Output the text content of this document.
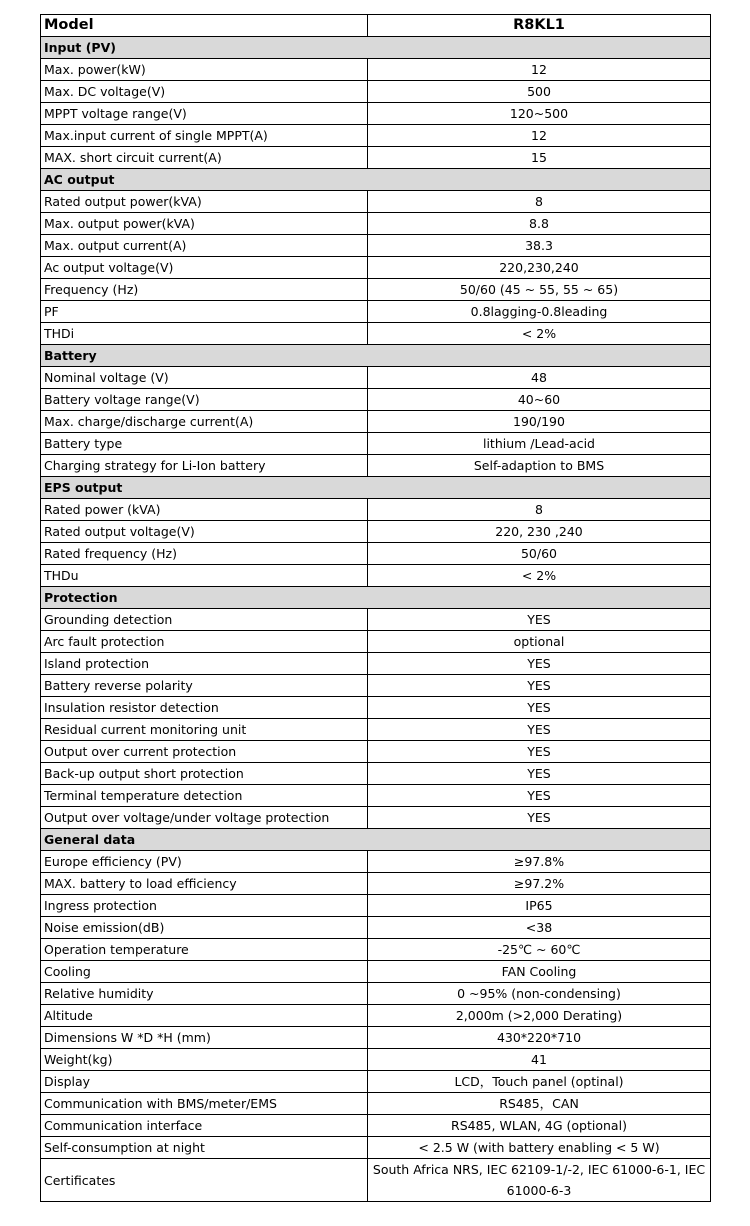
Model	R8KL1
Input (PV)	
Max. power(kW)	12
Max. DC voltage(V)	500
MPPT voltage range(V)	120~500
Max.input current of single MPPT(A)	12
MAX. short circuit current(A)	15
AC output	
Rated output power(kVA)	8
Max. output power(kVA)	8.8
Max. output current(A)	38.3
Ac output voltage(V)	220,230,240
Frequency (Hz)	50/60 (45 ~ 55, 55 ~ 65)
PF	0.8lagging-0.8leading
THDi	< 2%
Battery	
Nominal voltage (V)	48
Battery voltage range(V)	40~60
Max. charge/discharge current(A)	190/190
Battery type	lithium /Lead-acid
Charging strategy for Li-Ion battery	Self-adaption to BMS
EPS output	
Rated power (kVA)	8
Rated output voltage(V)	220, 230 ,240
Rated frequency (Hz)	50/60
THDu	< 2%
Protection	
Grounding detection	YES
Arc fault protection	optional
Island protection	YES
Battery reverse polarity	YES
Insulation resistor detection	YES
Residual current monitoring unit	YES
Output over current protection	YES
Back-up output short protection	YES
Terminal temperature detection	YES
Output over voltage/under voltage protection	YES
General data	
Europe efficiency (PV)	≥97.8%
MAX. battery to load efficiency	≥97.2%
Ingress protection	IP65
Noise emission(dB)	<38
Operation temperature	-25℃ ~ 60℃
Cooling	FAN Cooling
Relative humidity	0 ~95% (non-condensing)
Altitude	2,000m (>2,000 Derating)
Dimensions W *D *H (mm)	430*220*710
Weight(kg)	41
Display	LCD，Touch panel (optinal)
Communication with BMS/meter/EMS	RS485，CAN
Communication interface	RS485, WLAN, 4G (optional)
Self-consumption at night	< 2.5 W (with battery enabling < 5 W)
Certificates	South Africa NRS, IEC 62109-1/-2, IEC 61000-6-1, IEC 61000-6-3
